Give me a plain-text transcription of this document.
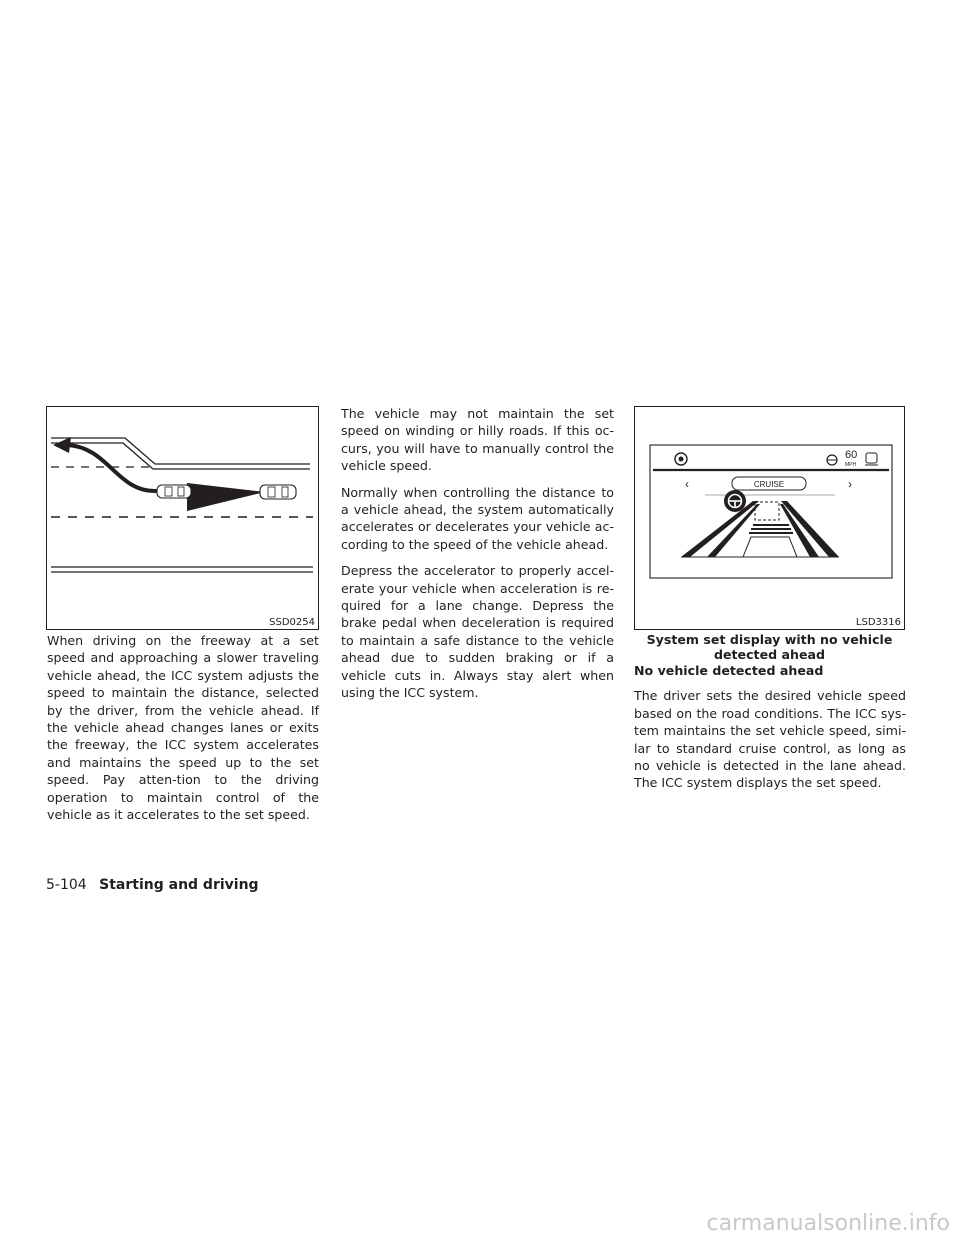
SSD0254
60
MPH
CRUISE
‹	›
LSD3316
System set display with no vehicle
detected ahead

When driving on the freeway at a set speed and approaching a slower traveling vehicle ahead, the ICC system adjusts the speed to maintain the distance, selected by the driver, from the vehicle ahead. If the vehicle ahead changes lanes or exits the freeway, the ICC system accelerates and maintains the speed up to the set speed. Pay atten-tion to the driving operation to maintain control of the vehicle as it accelerates to the set speed.

The vehicle may not maintain the set speed on winding or hilly roads. If this oc-curs, you will have to manually control the vehicle speed.

Normally when controlling the distance to a vehicle ahead, the system automatically accelerates or decelerates your vehicle ac-cording to the speed of the vehicle ahead.

Depress the accelerator to properly accel-erate your vehicle when acceleration is re-quired for a lane change. Depress the brake pedal when deceleration is required to maintain a safe distance to the vehicle ahead due to sudden braking or if a vehicle cuts in. Always stay alert when using the ICC system.

No vehicle detected ahead

The driver sets the desired vehicle speed based on the road conditions. The ICC sys-tem maintains the set vehicle speed, simi-lar to standard cruise control, as long as no vehicle is detected in the lane ahead. The ICC system displays the set speed.

5-104 Starting and driving
carmanualsonline.info
